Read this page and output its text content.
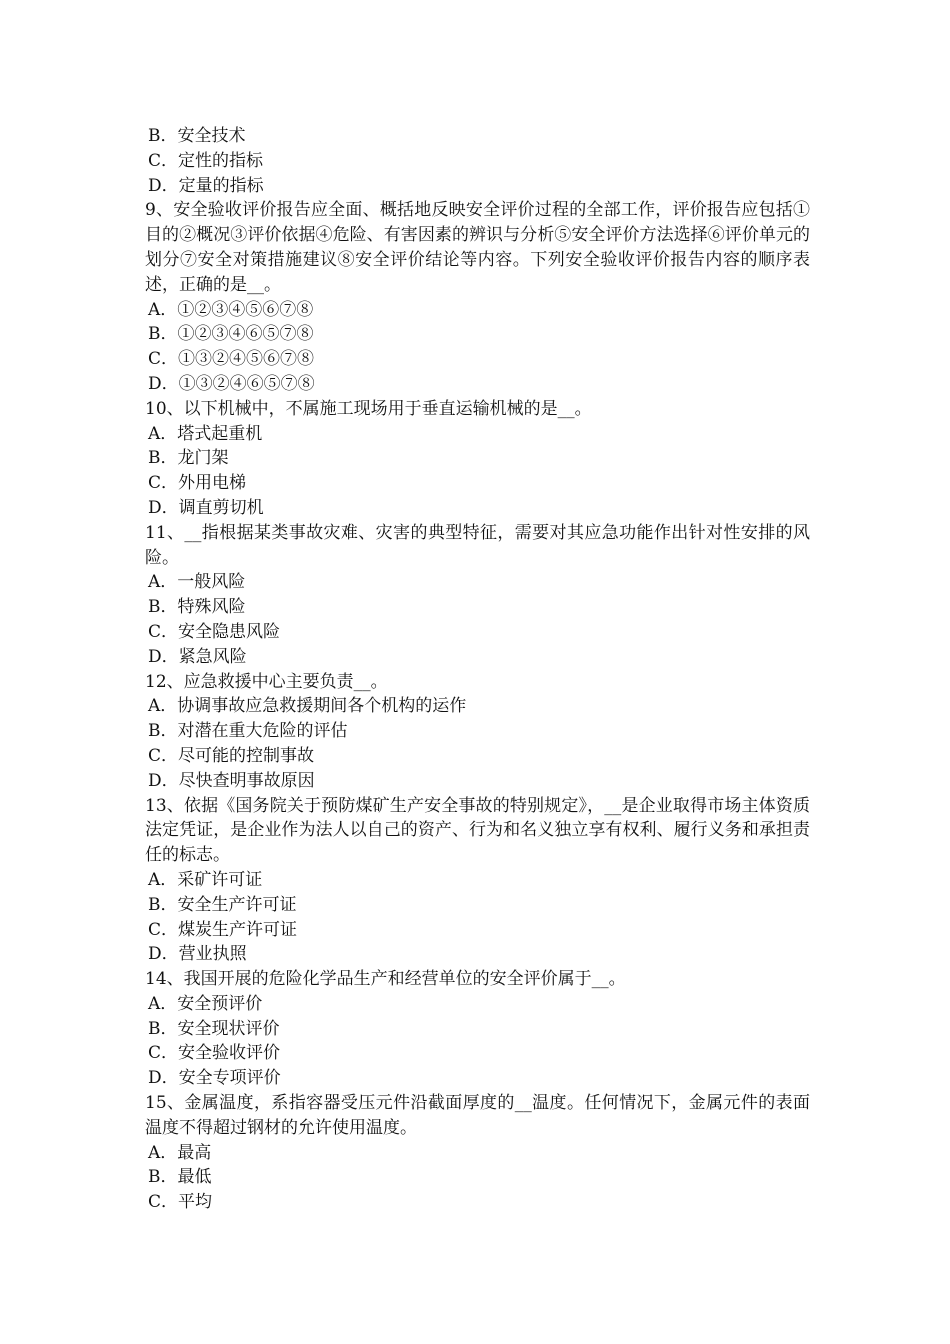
B．安全技术

C．定性的指标

D．定量的指标

9、安全验收评价报告应全面、概括地反映安全评价过程的全部工作，评价报告应包括①目的②概况③评价依据④危险、有害因素的辨识与分析⑤安全评价方法选择⑥评价单元的划分⑦安全对策措施建议⑧安全评价结论等内容。下列安全验收评价报告内容的顺序表述，正确的是__。

A．①②③④⑤⑥⑦⑧

B．①②③④⑥⑤⑦⑧

C．①③②④⑤⑥⑦⑧

D．①③②④⑥⑤⑦⑧

10、以下机械中，不属施工现场用于垂直运输机械的是__。

A．塔式起重机

B．龙门架

C．外用电梯

D．调直剪切机

11、__指根据某类事故灾难、灾害的典型特征，需要对其应急功能作出针对性安排的风险。

A．一般风险

B．特殊风险

C．安全隐患风险

D．紧急风险

12、应急救援中心主要负责__。

A．协调事故应急救援期间各个机构的运作

B．对潜在重大危险的评估

C．尽可能的控制事故

D．尽快查明事故原因

13、依据《国务院关于预防煤矿生产安全事故的特别规定》，__是企业取得市场主体资质法定凭证，是企业作为法人以自己的资产、行为和名义独立享有权利、履行义务和承担责任的标志。

A．采矿许可证

B．安全生产许可证

C．煤炭生产许可证

D．营业执照

14、我国开展的危险化学品生产和经营单位的安全评价属于__。

A．安全预评价

B．安全现状评价

C．安全验收评价

D．安全专项评价

15、金属温度，系指容器受压元件沿截面厚度的__温度。任何情况下，金属元件的表面温度不得超过钢材的允许使用温度。

A．最高

B．最低

C．平均
